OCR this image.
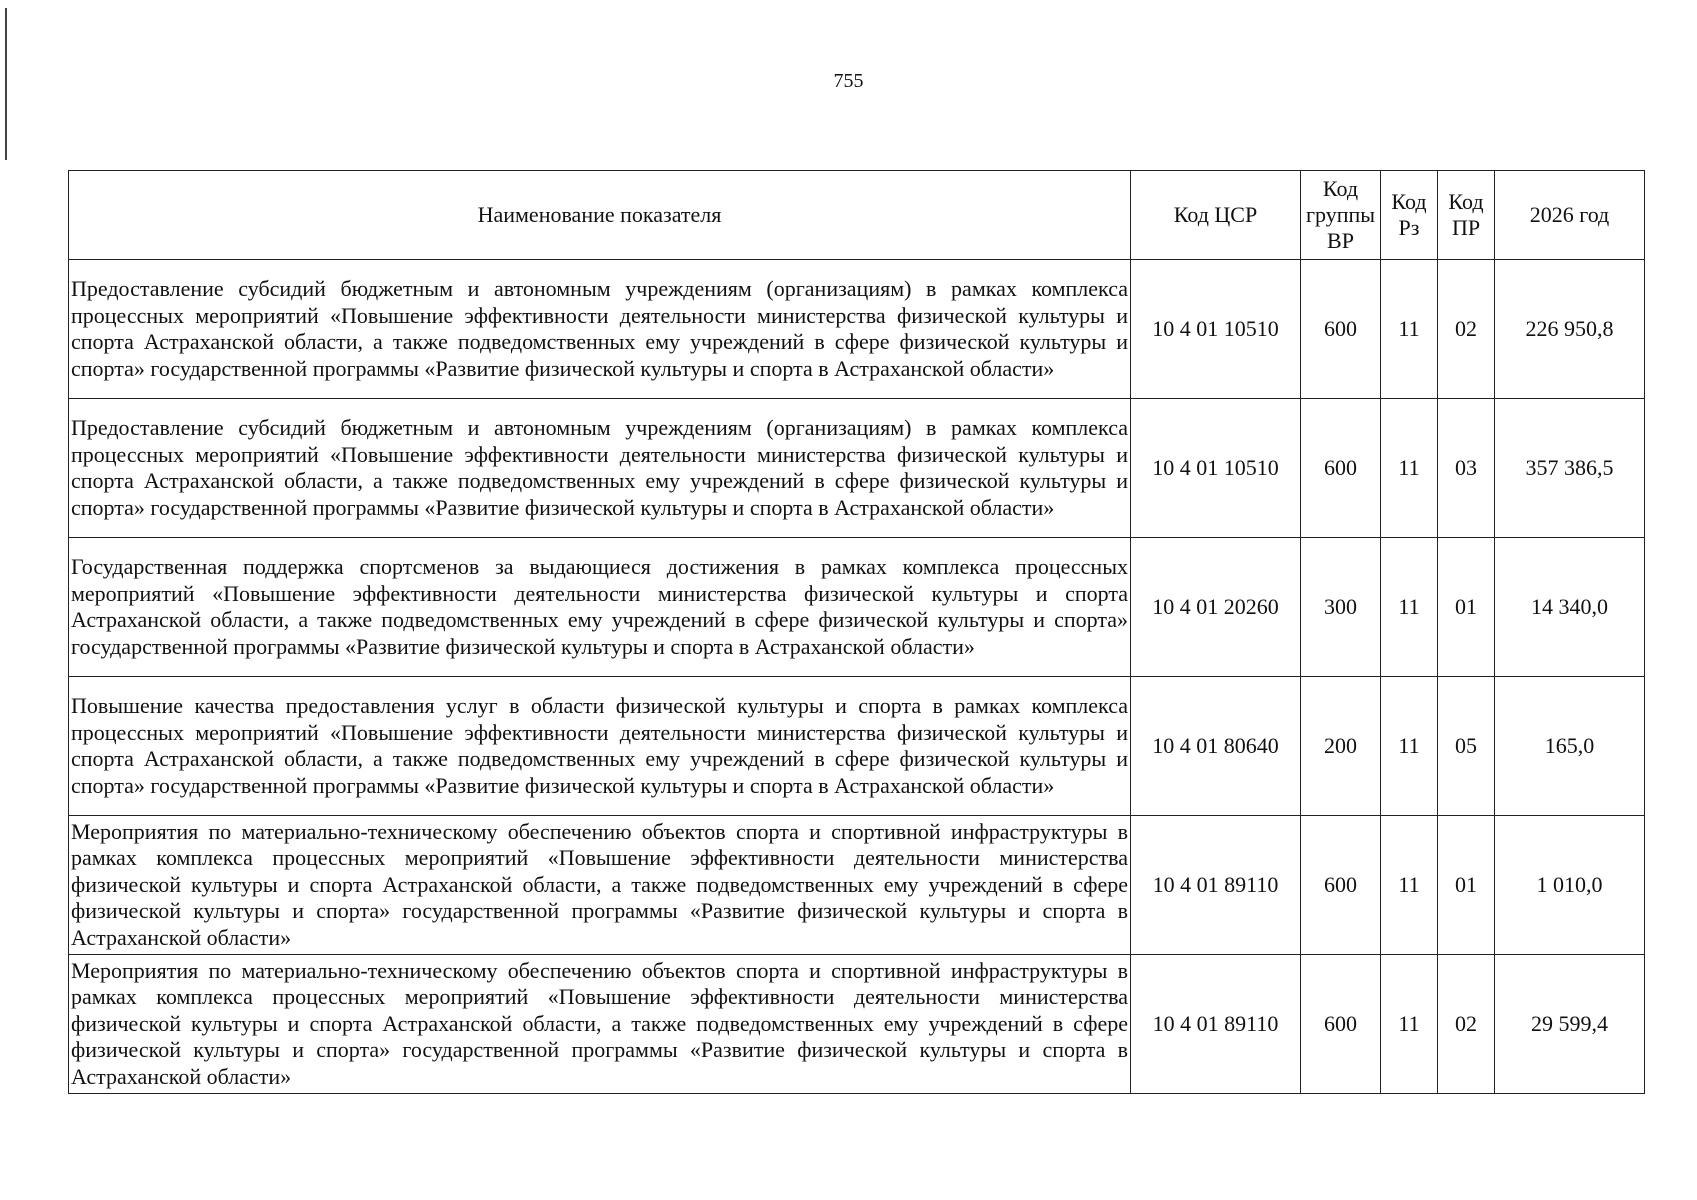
755
Наименование показателя	Код ЦСР	Код группы ВР	Код Рз	Код ПР	2026 год
Предоставление субсидий бюджетным и автономным учреждениям (организациям) в рамках комплекса процессных мероприятий «Повышение эффективности деятельности министерства физической культуры и спорта Астраханской области, а также подведомственных ему учреждений в сфере физической культуры и спорта» государственной программы «Развитие физической культуры и спорта в Астраханской области»	10 4 01 10510	600	11	02	226 950,8
Предоставление субсидий бюджетным и автономным учреждениям (организациям) в рамках комплекса процессных мероприятий «Повышение эффективности деятельности министерства физической культуры и спорта Астраханской области, а также подведомственных ему учреждений в сфере физической культуры и спорта» государственной программы «Развитие физической культуры и спорта в Астраханской области»	10 4 01 10510	600	11	03	357 386,5
Государственная поддержка спортсменов за выдающиеся достижения в рамках комплекса процессных мероприятий «Повышение эффективности деятельности министерства физической культуры и спорта Астраханской области, а также подведомственных ему учреждений в сфере физической культуры и спорта» государственной программы «Развитие физической культуры и спорта в Астраханской области»	10 4 01 20260	300	11	01	14 340,0
Повышение качества предоставления услуг в области физической культуры и спорта в рамках комплекса процессных мероприятий «Повышение эффективности деятельности министерства физической культуры и спорта Астраханской области, а также подведомственных ему учреждений в сфере физической культуры и спорта» государственной программы «Развитие физической культуры и спорта в Астраханской области»	10 4 01 80640	200	11	05	165,0
Мероприятия по материально-техническому обеспечению объектов спорта и спортивной инфраструктуры в рамках комплекса процессных мероприятий «Повышение эффективности деятельности министерства физической культуры и спорта Астраханской области, а также подведомственных ему учреждений в сфере физической культуры и спорта» государственной программы «Развитие физической культуры и спорта в Астраханской области»	10 4 01 89110	600	11	01	1 010,0
Мероприятия по материально-техническому обеспечению объектов спорта и спортивной инфраструктуры в рамках комплекса процессных мероприятий «Повышение эффективности деятельности министерства физической культуры и спорта Астраханской области, а также подведомственных ему учреждений в сфере физической культуры и спорта» государственной программы «Развитие физической культуры и спорта в Астраханской области»	10 4 01 89110	600	11	02	29 599,4
